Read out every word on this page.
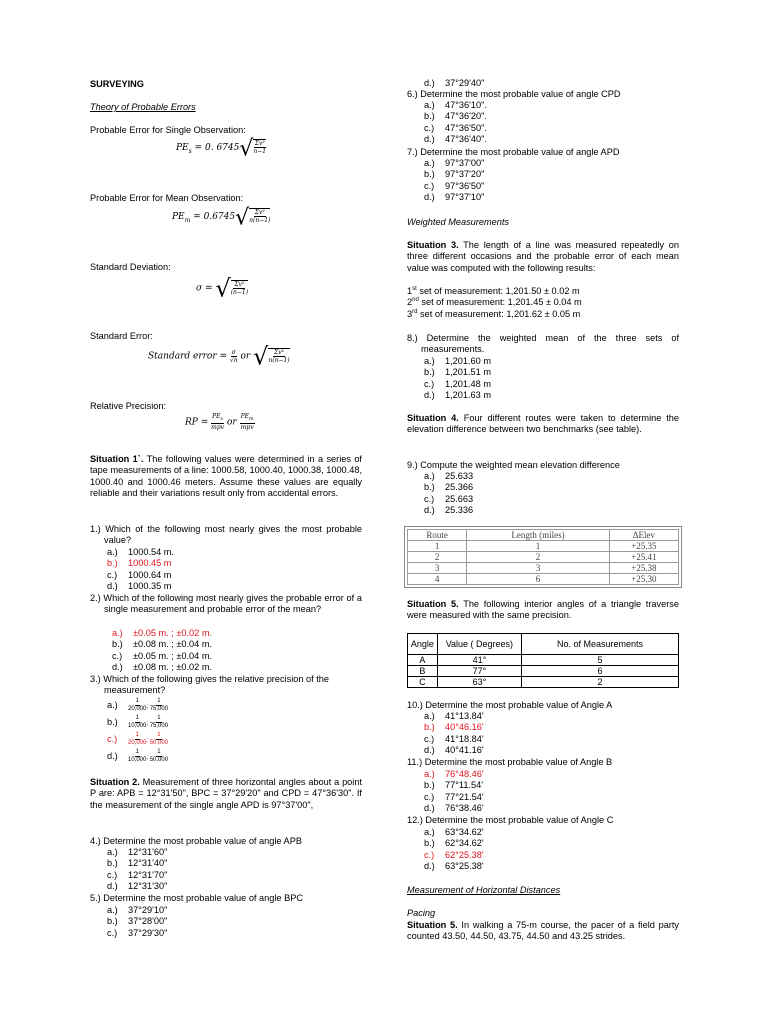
SURVEYING
Theory of Probable Errors
Probable Error for Single Observation:
$PE_s = 0$. $6745√ \frac{\text{Σv²}}{n-1}$
Probable Error for Mean Observation:
$PE_m = 0.6745√ \frac{\text{Σv²}}{n(n-1)}$
Standard Deviation:
σ = √ $\frac{\text{Σv²}}{(n-1)}$
Standard Error:
Standard error = $\frac{\sigma}{√n}$ or √ $\frac{\text{Σv²}}{n(n-1)}$
Relative Precision:
RP = $\frac{PE_s}{\text{mpv}}$ or $\frac{PE_m}{\text{mpv}}$
Situation 1`. The following values were determined in a series of tape measurements of a line: 1000.58, 1000.40, 1000.38, 1000.48, 1000.40 and 1000.46 meters. Assume these values are equally reliable and their variations result only from accidental errors.
1.) Which of the following most nearly gives the most probable value?
a.) 1000.54 m.
b.) 1000.45 m
c.) 1000.64 m
d.) 1000.35 m
2.) Which of the following most nearly gives the probable error of a single measurement and probable error of the mean?
a.) ±0.05 m. ; ±0.02 m.
b.) ±0.08 m. ; ±0.04 m.
c.) ±0.05 m. ; ±0.04 m.
d.) ±0.08 m. ; ±0.02 m.
3.) Which of the following gives the relative precision of the measurement?
$a.) \frac{1}{20,000}$ ; $\frac{1}{75,000}$
$b.) \frac{1}{10,000}$ ; $\frac{1}{75,000}$
$c.) \frac{1}{20,000}$ ; $\frac{1}{50,000}$
$d.) \frac{1}{10,000}$ ; $\frac{1}{50,000}$
Situation 2. Measurement of three horizontal angles about a point P are: APB = 12°31'50", BPC = 37°29'20" and CPD = 47°36'30". If the measurement of the single angle APD is 97°37'00",
4.) Determine the most probable value of angle APB
a.) 12°31'60"
b.) 12°31'40"
c.) 12°31'70"
d.) 12°31'30"
5.) Determine the most probable value of angle BPC
a.) 37°29'10"
b.) 37°28'00"
c.) 37°29'30"
d.) 37°29'40"
6.) Determine the most probable value of angle CPD
a.) 47°36'10".
b.) 47°36'20".
c.) 47°36'50".
d.) 47°36'40".
7.) Determine the most probable value of angle APD
a.) 97°37'00"
b.) 97°37'20"
c.) 97°36'50"
d.) 97°37'10"
Weighted Measurements
Situation 3. The length of a line was measured repeatedly on three different occasions and the probable error of each mean value was computed with the following results:
1st set of measurement: 1,201.50 ± 0.02 m
2nd set of measurement: 1,201.45 ± 0.04 m
3rd set of measurement: 1,201.62 ± 0.05 m
8.) Determine the weighted mean of the three sets of measurements.
a.) 1,201.60 m
b.) 1,201.51 m
c.) 1,201.48 m
d.) 1,201.63 m
Situation 4. Four different routes were taken to determine the elevation difference between two benchmarks (see table).
9.) Compute the weighted mean elevation difference
a.) 25.633
b.) 25.366
c.) 25.663
d.) 25.336
Route	Length (miles)	ΔElev
1	1	+25.35
2	2	+25.41
3	3	+25.38
4	6	+25.30
Situation 5. The following interior angles of a triangle traverse were measured with the same precision.
Angle	Value ( Degrees)	No. of Measurements
A	41°	5
B	77°	6
C	63°	2
10.) Determine the most probable value of Angle A
a.) 41°13.84'
b.) 40°46.16'
c.) 41°18.84'
d.) 40°41.16'
11.) Determine the most probable value of Angle B
a.) 76°48.46'
b.) 77°11.54'
c.) 77°21.54'
d.) 76°38.46'
12.) Determine the most probable value of Angle C
a.) 63°34.62'
b.) 62°34.62'
c.) 62°25.38'
d.) 63°25.38'
Measurement of Horizontal Distances
Pacing
Situation 5. In walking a 75-m course, the pacer of a field party counted 43.50, 44.50, 43.75, 44.50 and 43.25 strides.
